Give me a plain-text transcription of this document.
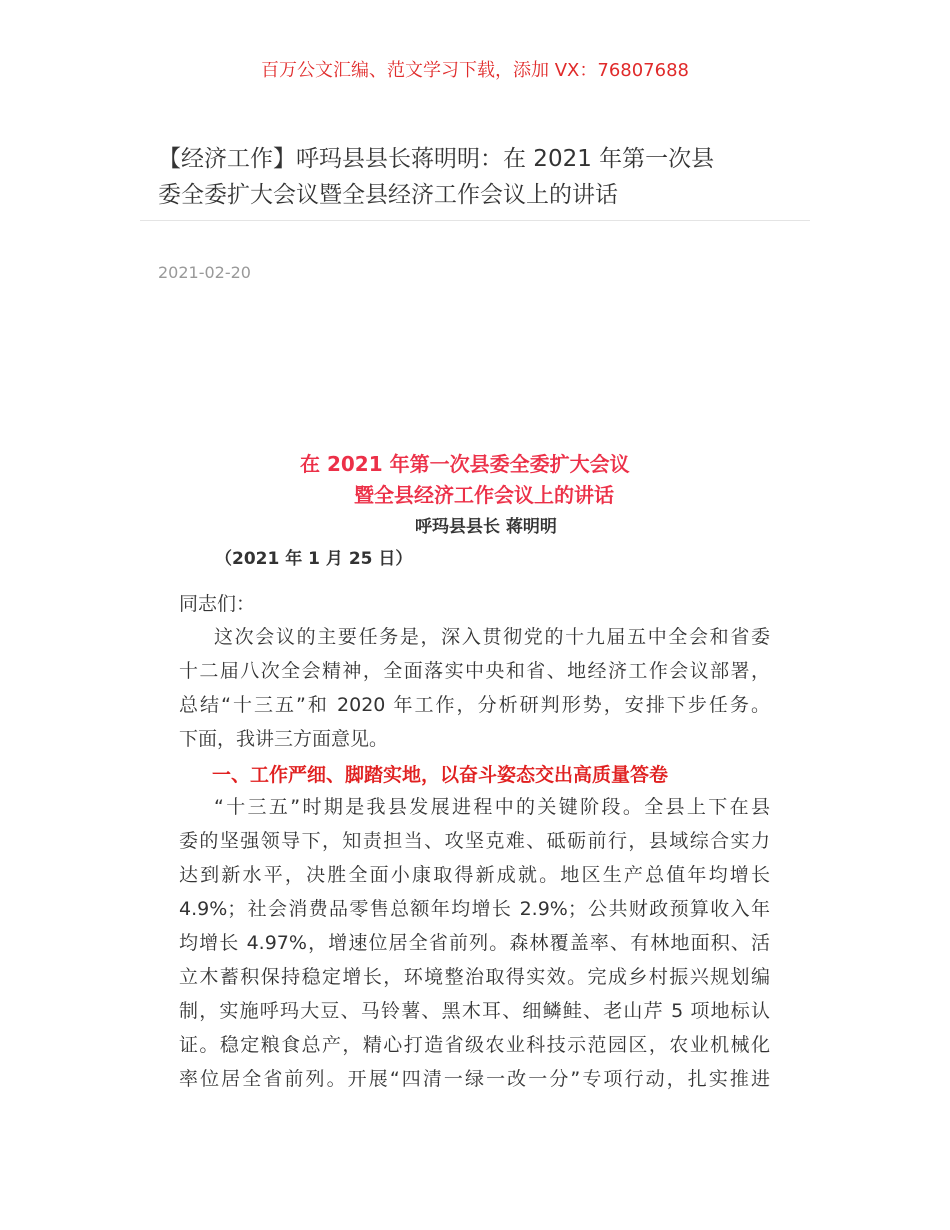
百万公文汇编、范文学习下载，添加 VX：76807688
【经济工作】呼玛县县长蒋明明：在 2021 年第一次县
委全委扩大会议暨全县经济工作会议上的讲话
2021-02-20
在 2021 年第一次县委全委扩大会议
暨全县经济工作会议上的讲话
呼玛县县长 蒋明明
（2021 年 1 月 25 日）
同志们：
这次会议的主要任务是，深入贯彻党的十九届五中全会和省委
十二届八次全会精神，全面落实中央和省、地经济工作会议部署，
总结“十三五”和 2020 年工作，分析研判形势，安排下步任务。
下面，我讲三方面意见。
一、工作严细、脚踏实地，以奋斗姿态交出高质量答卷
“十三五”时期是我县发展进程中的关键阶段。全县上下在县
委的坚强领导下，知责担当、攻坚克难、砥砺前行，县域综合实力
达到新水平，决胜全面小康取得新成就。地区生产总值年均增长
4.9%；社会消费品零售总额年均增长 2.9%；公共财政预算收入年
均增长 4.97%，增速位居全省前列。森林覆盖率、有林地面积、活
立木蓄积保持稳定增长，环境整治取得实效。完成乡村振兴规划编
制，实施呼玛大豆、马铃薯、黑木耳、细鳞鲑、老山芹 5 项地标认
证。稳定粮食总产，精心打造省级农业科技示范园区，农业机械化
率位居全省前列。开展“四清一绿一改一分”专项行动，扎实推进
